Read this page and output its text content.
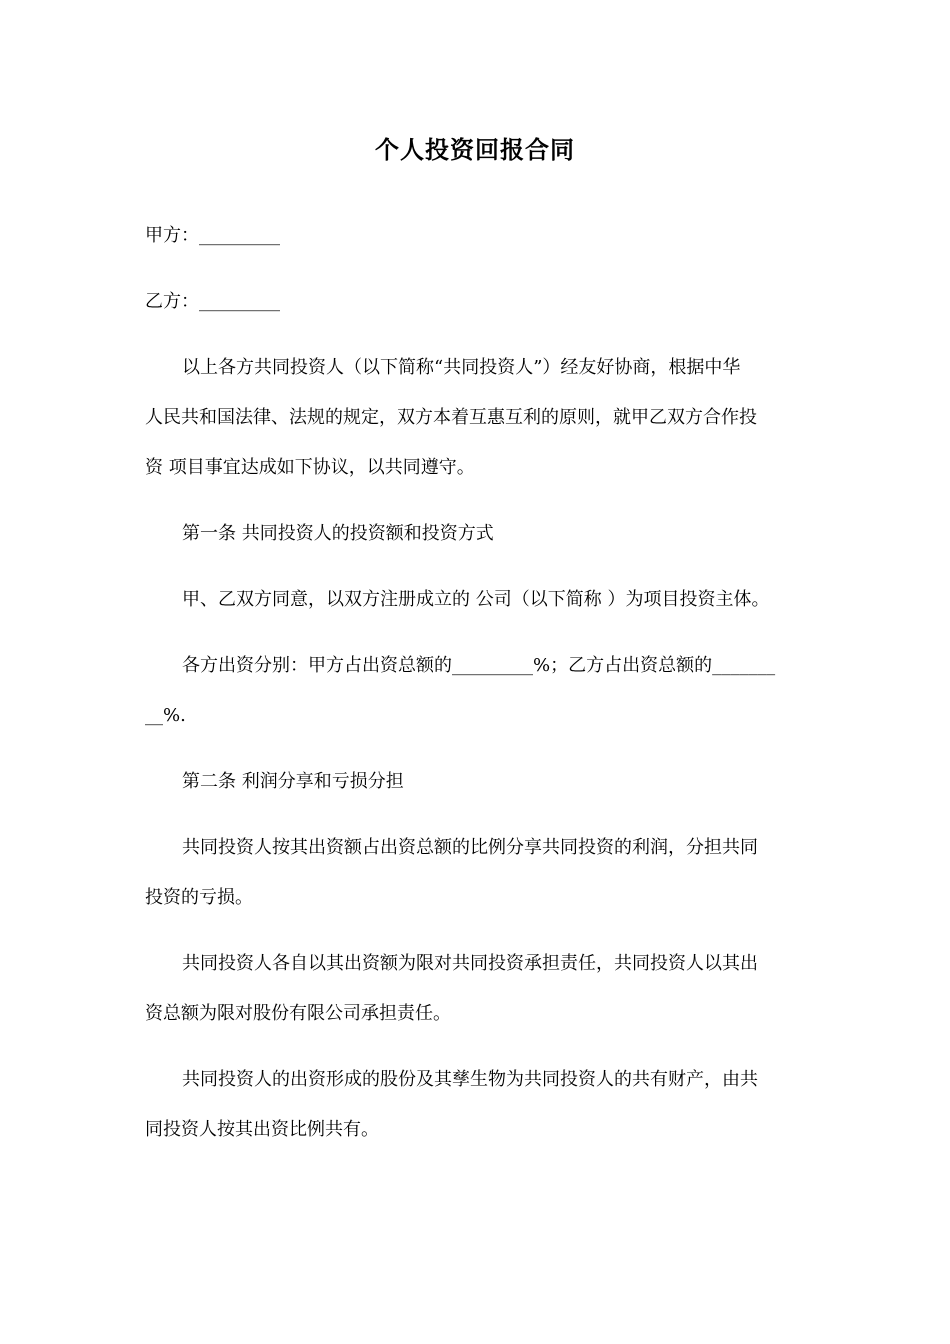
个人投资回报合同
甲方：_________
乙方：_________
以上各方共同投资人（以下简称“共同投资人”）经友好协商，根据中华
人民共和国法律、法规的规定，双方本着互惠互利的原则，就甲乙双方合作投
资 项目事宜达成如下协议，以共同遵守。
第一条 共同投资人的投资额和投资方式
甲、乙双方同意，以双方注册成立的 公司（以下简称 ）为项目投资主体。
各方出资分别：甲方占出资总额的_________%；乙方占出资总额的_______
__%.
第二条 利润分享和亏损分担
共同投资人按其出资额占出资总额的比例分享共同投资的利润，分担共同
投资的亏损。
共同投资人各自以其出资额为限对共同投资承担责任，共同投资人以其出
资总额为限对股份有限公司承担责任。
共同投资人的出资形成的股份及其孳生物为共同投资人的共有财产，由共
同投资人按其出资比例共有。
